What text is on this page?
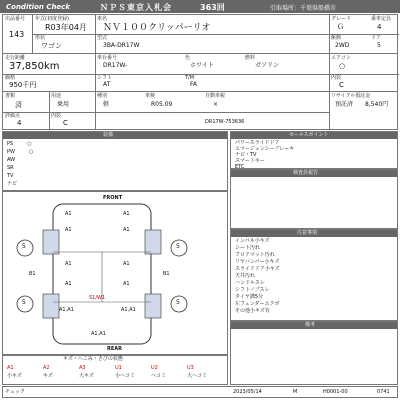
Condition Check	ＮＰＳ東京入札会	363回	引取場所： 千葉県船橋市
出品番号
143
年式(初度登録)
R03年04月
形状
ワゴン
車名
ＮＶ１００クリッパーリオ
型式
3BA-DR17W
グレード
Ｇ
乗車定員
4
駆動
2WD
ドア
5
走行距離
37,850km
価格
950千円
車台番号
DR17W-
色
ホワイト
燃料
ガソリン
シフト
AT
T/M
FA
エアコン
○
内装
C
書類
済
評価点
4
用途
乗用
内装
C
種別
軽
車検
R05.09
自動車税
×
DR17W-753636
リサイクル預託金
預託済 8,540円
装備
PS	○
PW	○
AW
SR
TV
ナビ
FRONT
REAR
5	5
5	5
A1	A1
A1	A1
A1	A1
A1	A1
B1	B1
A1,A1	A1,A1
A1,A1
S1/W1
キズ・へこみ・さびの状態
A1
小キズ
A2
キズ
A3
大キズ
U1
小ヘコミ
U2
ヘコミ
U3
大ヘコミ
セールスポイント
パワースライドドア
エマージェンシーブレーキ
ナビ・TV
スマートキー
ETC
検査員報告
注意事項
インパネ小キズ
シート汚れ
フロアマット汚れ
リヤバンパー小キズ
スライドドア小キズ
天井汚れ
ハンドルスレ
シフトノブスレ
タイヤ溝5分
左フェンダーエクボ
その他小キズ有
備考
チェック	2023/05/14	M	H0001-00	0741
